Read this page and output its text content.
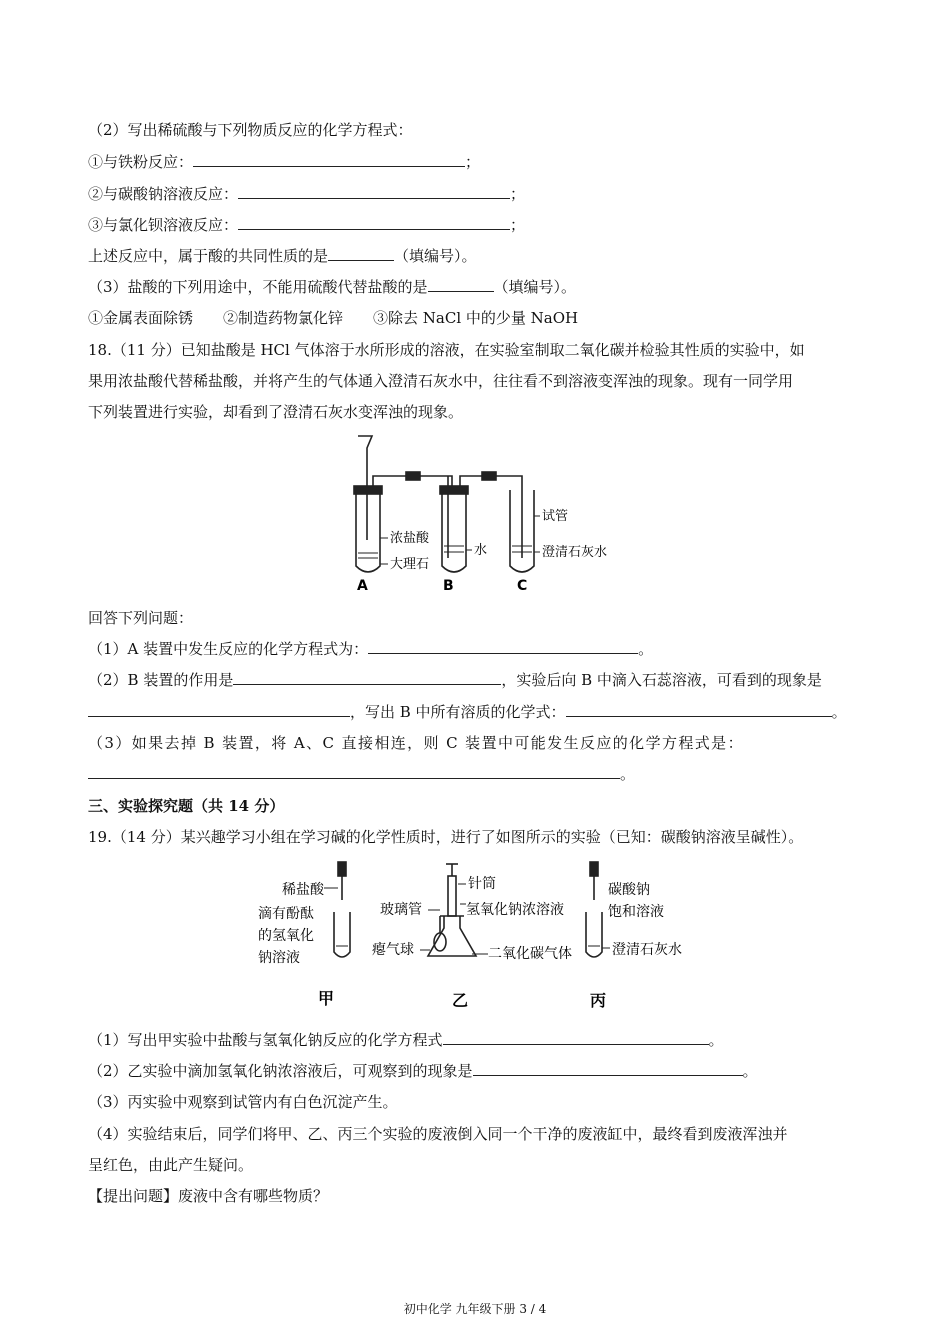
（2）写出稀硫酸与下列物质反应的化学方程式：
①与铁粉反应：	；
②与碳酸钠溶液反应：	；
③与氯化钡溶液反应：	；
上述反应中，属于酸的共同性质的是	（填编号）。
（3）盐酸的下列用途中，不能用硫酸代替盐酸的是	（填编号）。
①金属表面除锈　　②制造药物氯化锌　　③除去 NaCl 中的少量 NaOH
18.（11 分）已知盐酸是 HCl 气体溶于水所形成的溶液，在实验室制取二氧化碳并检验其性质的实验中，如
果用浓盐酸代替稀盐酸，并将产生的气体通入澄清石灰水中，往往看不到溶液变浑浊的现象。现有一同学用
下列装置进行实验，却看到了澄清石灰水变浑浊的现象。
浓盐酸
大理石
水
试管
澄清石灰水
A	B	C
回答下列问题：
（1）A 装置中发生反应的化学方程式为：	。
（2）B 装置的作用是	，实验后向 B 中滴入石蕊溶液，可看到的现象是
，写出 B 中所有溶质的化学式：	。
（3）如果去掉 B 装置，将 A、C 直接相连，则 C 装置中可能发生反应的化学方程式是：
。
三、实验探究题（共 14 分）
19.（14 分）某兴趣学习小组在学习碱的化学性质时，进行了如图所示的实验（已知：碳酸钠溶液呈碱性）。
稀盐酸
滴有酚酞
的氢氧化
钠溶液
针筒
玻璃管	氢氧化钠浓溶液
瘪气球	二氧化碳气体
碳酸钠
饱和溶液
澄清石灰水
甲	乙	丙
（1）写出甲实验中盐酸与氢氧化钠反应的化学方程式	。
（2）乙实验中滴加氢氧化钠浓溶液后，可观察到的现象是	。
（3）丙实验中观察到试管内有白色沉淀产生。
（4）实验结束后，同学们将甲、乙、丙三个实验的废液倒入同一个干净的废液缸中，最终看到废液浑浊并
呈红色，由此产生疑问。
【提出问题】废液中含有哪些物质？
初中化学 九年级下册 3 / 4
